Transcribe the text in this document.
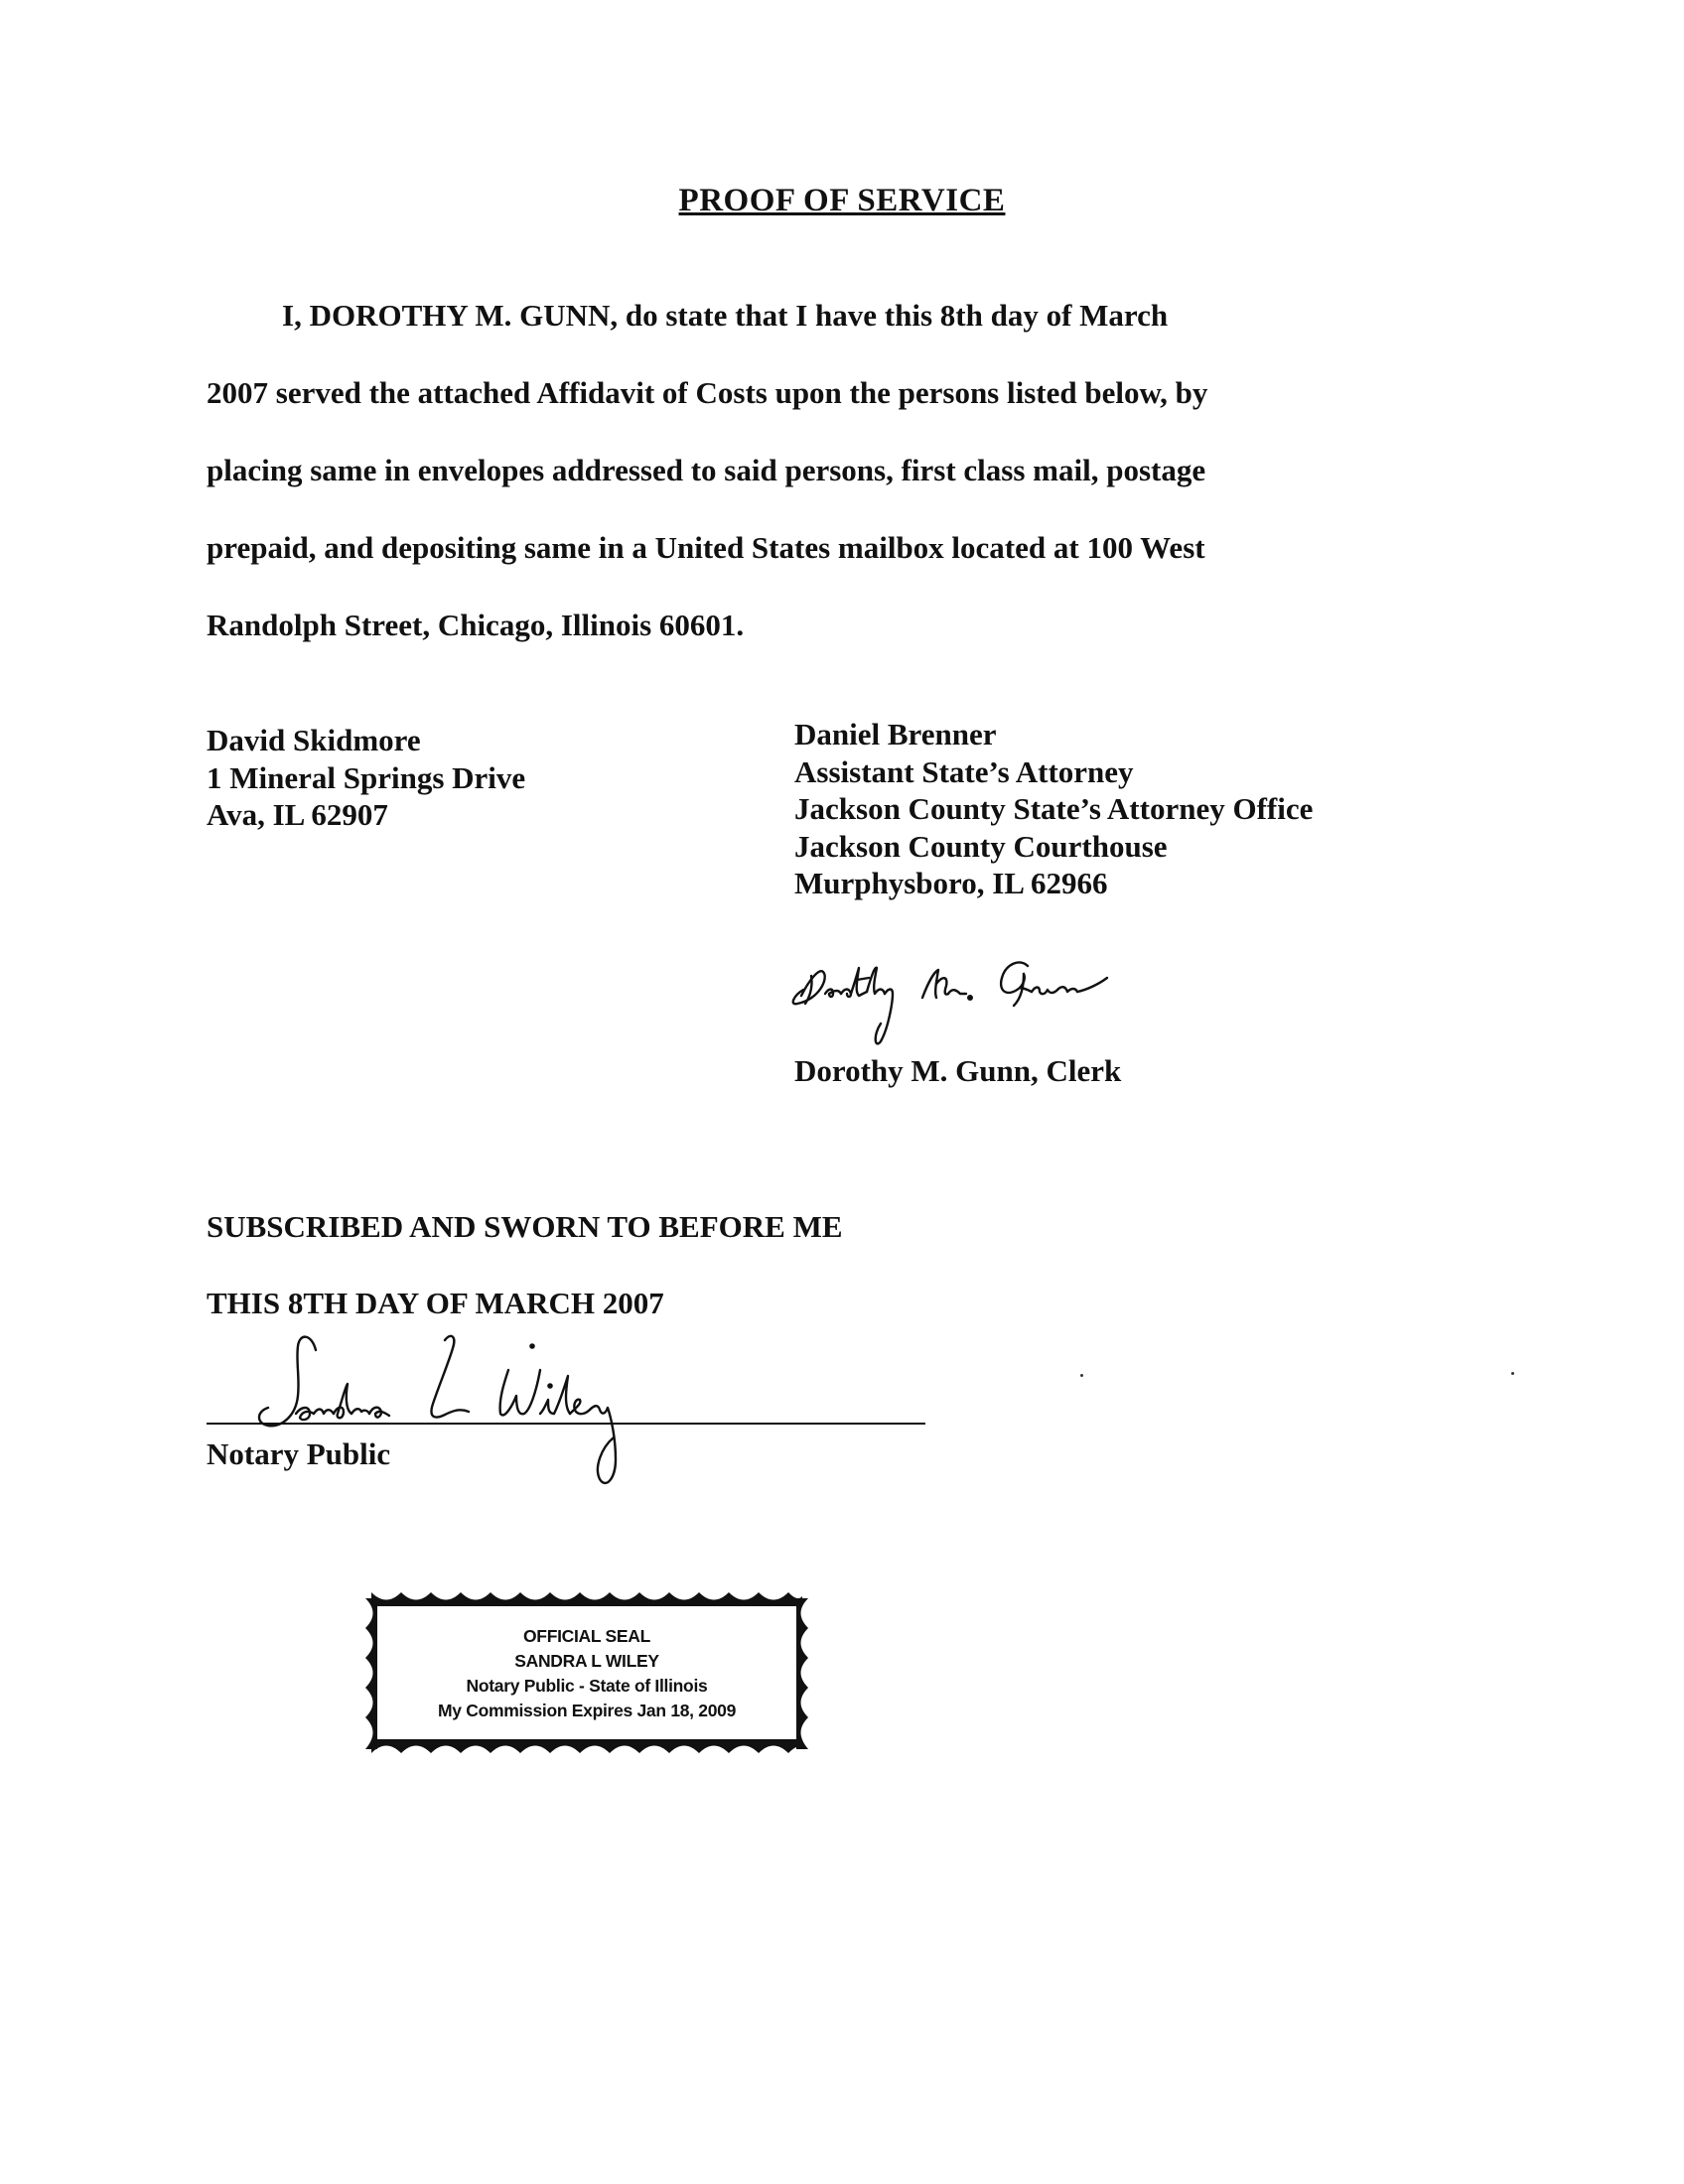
PROOF OF SERVICE
I, DOROTHY M. GUNN, do state that I have this 8th day of March
2007 served the attached Affidavit of Costs upon the persons listed below, by
placing same in envelopes addressed to said persons, first class mail, postage
prepaid, and depositing same in a United States mailbox located at 100 West
Randolph Street, Chicago, Illinois 60601.
David Skidmore
1 Mineral Springs Drive
Ava, IL 62907
Daniel Brenner
Assistant State’s Attorney
Jackson County State’s Attorney Office
Jackson County Courthouse
Murphysboro, IL 62966
Dorothy M. Gunn, Clerk
SUBSCRIBED AND SWORN TO BEFORE ME
THIS 8TH DAY OF MARCH 2007
Notary Public
OFFICIAL SEAL
SANDRA L WILEY
Notary Public - State of Illinois
My Commission Expires Jan 18, 2009
